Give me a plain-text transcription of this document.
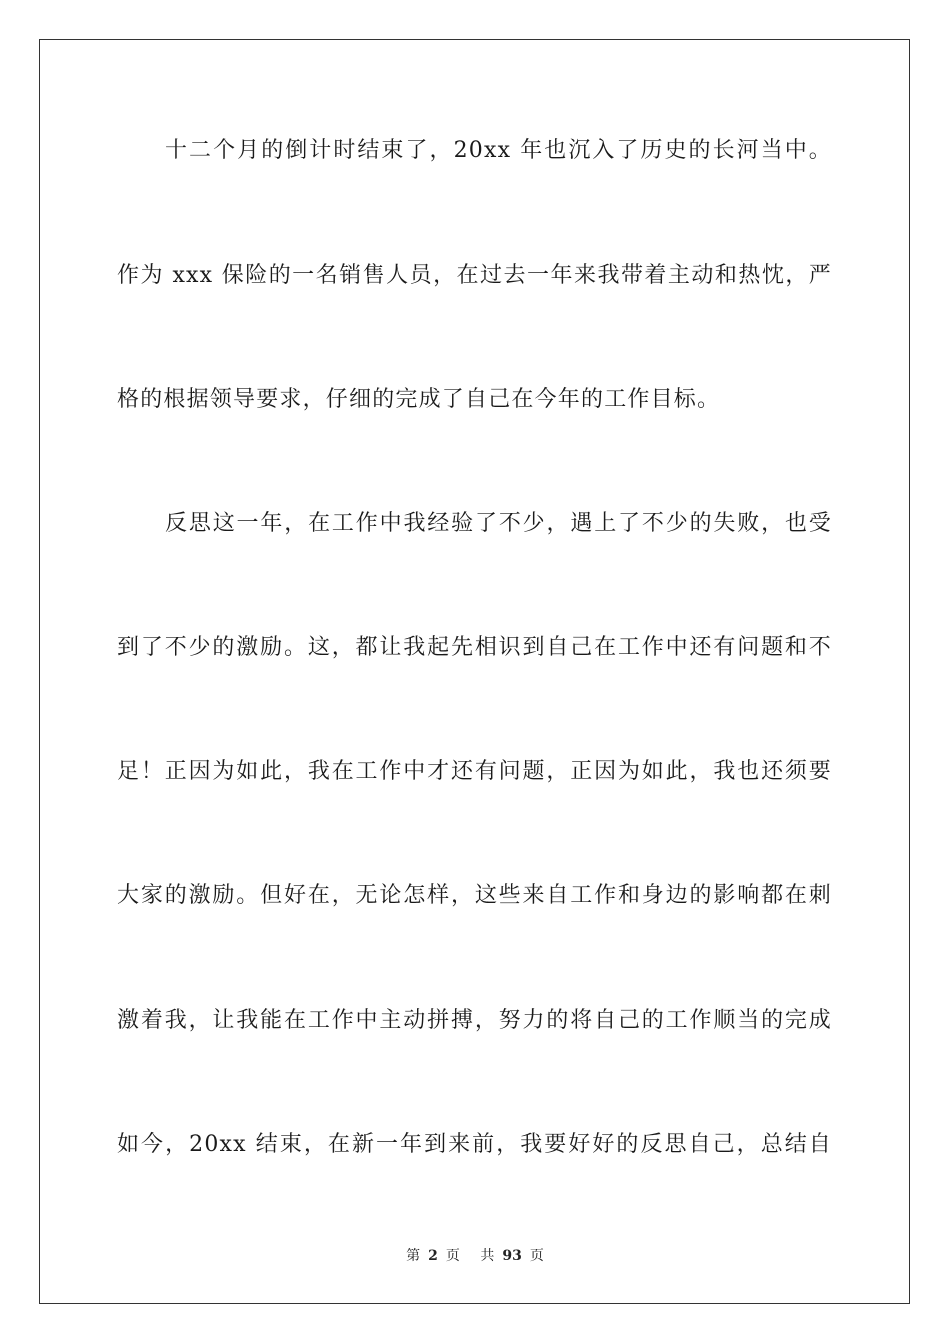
十二个月的倒计时结束了，20xx 年也沉入了历史的长河当中。
作为 xxx 保险的一名销售人员，在过去一年来我带着主动和热忱，严
格的根据领导要求，仔细的完成了自己在今年的工作目标。
反思这一年，在工作中我经验了不少，遇上了不少的失败，也受
到了不少的激励。这，都让我起先相识到自己在工作中还有问题和不
足！正因为如此，我在工作中才还有问题，正因为如此，我也还须要
大家的激励。但好在，无论怎样，这些来自工作和身边的影响都在刺
激着我，让我能在工作中主动拼搏，努力的将自己的工作顺当的完成
如今，20xx 结束，在新一年到来前，我要好好的反思自己，总结自
第 2 页 共 93 页
